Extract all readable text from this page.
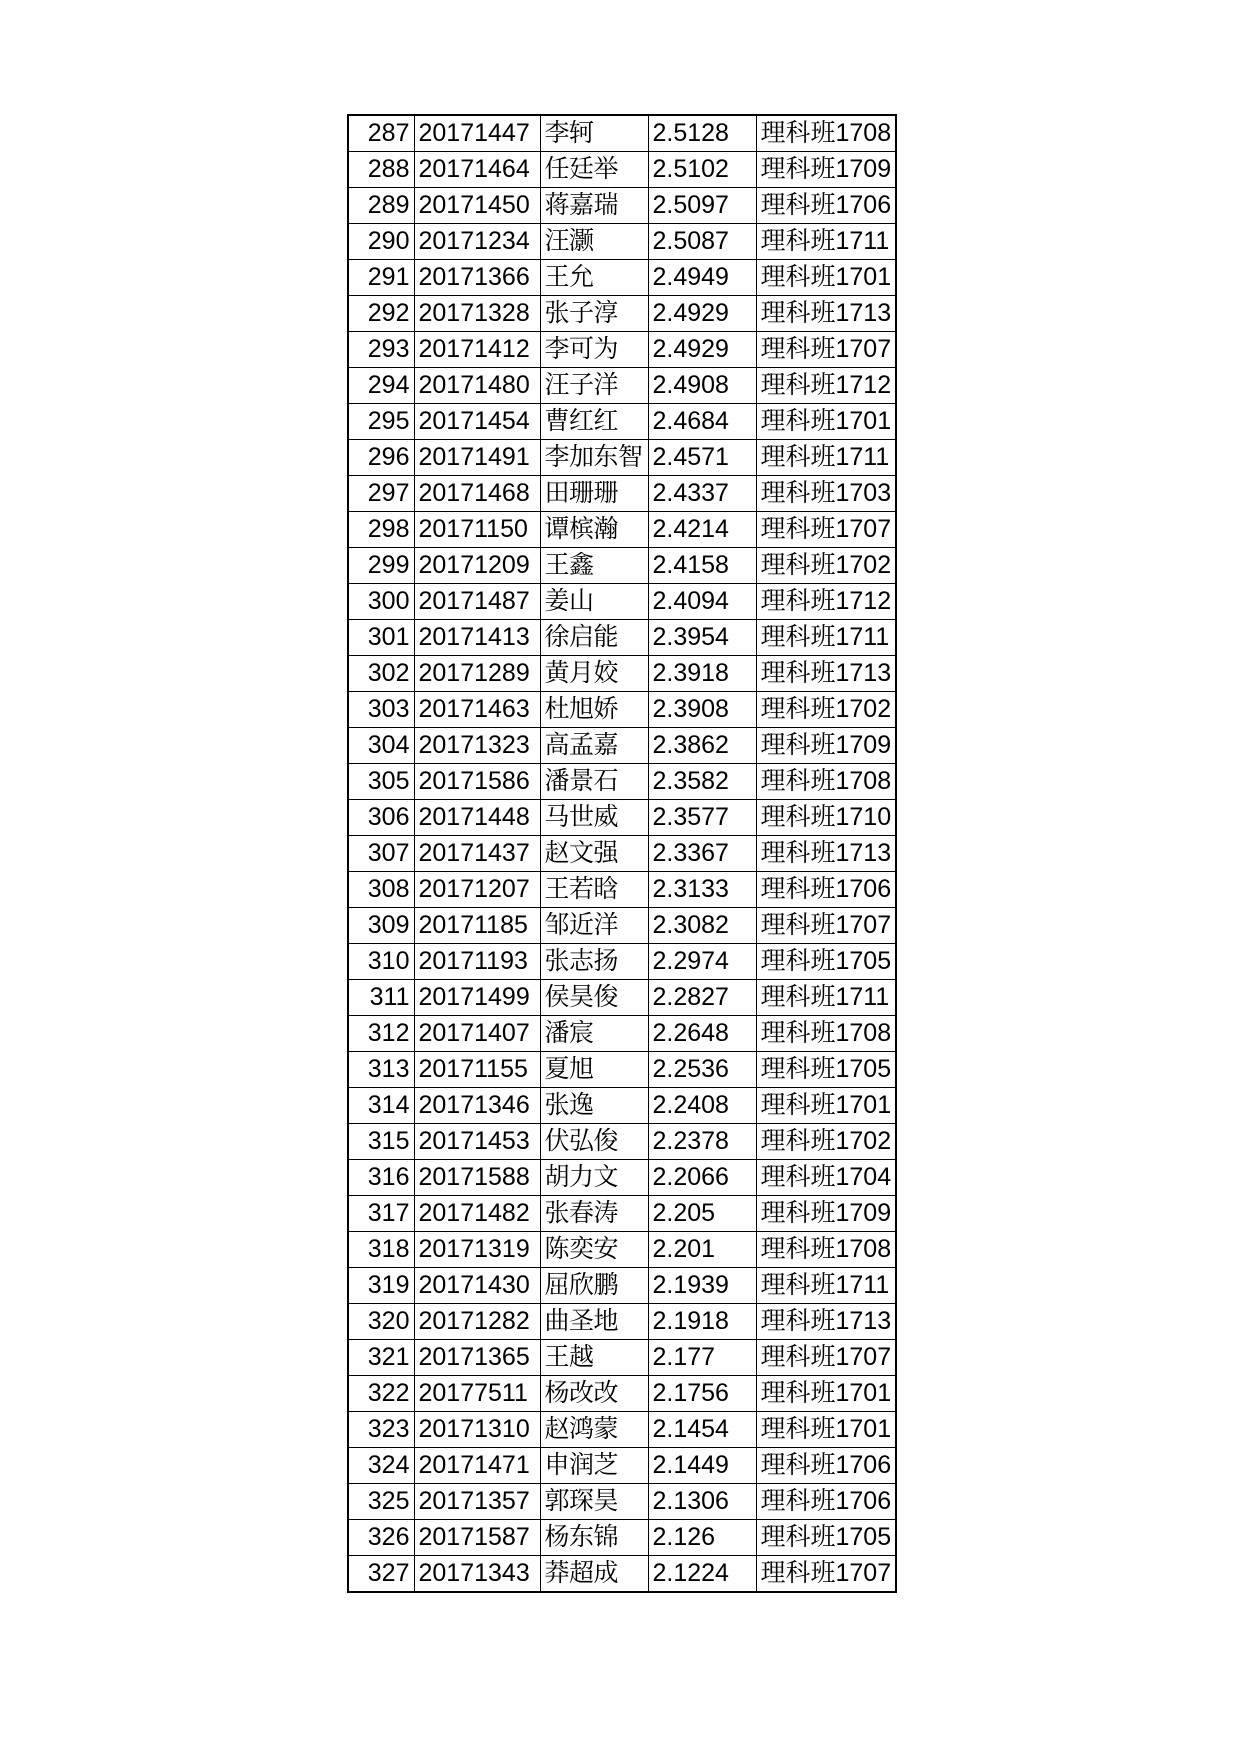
287	20171447	李轲	2.5128	理科班1708
288	20171464	任廷举	2.5102	理科班1709
289	20171450	蒋嘉瑞	2.5097	理科班1706
290	20171234	汪灏	2.5087	理科班1711
291	20171366	王允	2.4949	理科班1701
292	20171328	张子淳	2.4929	理科班1713
293	20171412	李可为	2.4929	理科班1707
294	20171480	汪子洋	2.4908	理科班1712
295	20171454	曹红红	2.4684	理科班1701
296	20171491	李加东智	2.4571	理科班1711
297	20171468	田珊珊	2.4337	理科班1703
298	20171150	谭槟瀚	2.4214	理科班1707
299	20171209	王鑫	2.4158	理科班1702
300	20171487	姜山	2.4094	理科班1712
301	20171413	徐启能	2.3954	理科班1711
302	20171289	黄月姣	2.3918	理科班1713
303	20171463	杜旭娇	2.3908	理科班1702
304	20171323	高孟嘉	2.3862	理科班1709
305	20171586	潘景石	2.3582	理科班1708
306	20171448	马世威	2.3577	理科班1710
307	20171437	赵文强	2.3367	理科班1713
308	20171207	王若晗	2.3133	理科班1706
309	20171185	邹近洋	2.3082	理科班1707
310	20171193	张志扬	2.2974	理科班1705
311	20171499	侯昊俊	2.2827	理科班1711
312	20171407	潘宸	2.2648	理科班1708
313	20171155	夏旭	2.2536	理科班1705
314	20171346	张逸	2.2408	理科班1701
315	20171453	伏弘俊	2.2378	理科班1702
316	20171588	胡力文	2.2066	理科班1704
317	20171482	张春涛	2.205	理科班1709
318	20171319	陈奕安	2.201	理科班1708
319	20171430	屈欣鹏	2.1939	理科班1711
320	20171282	曲圣地	2.1918	理科班1713
321	20171365	王越	2.177	理科班1707
322	20177511	杨改改	2.1756	理科班1701
323	20171310	赵鸿蒙	2.1454	理科班1701
324	20171471	申润芝	2.1449	理科班1706
325	20171357	郭琛昊	2.1306	理科班1706
326	20171587	杨东锦	2.126	理科班1705
327	20171343	莽超成	2.1224	理科班1707
